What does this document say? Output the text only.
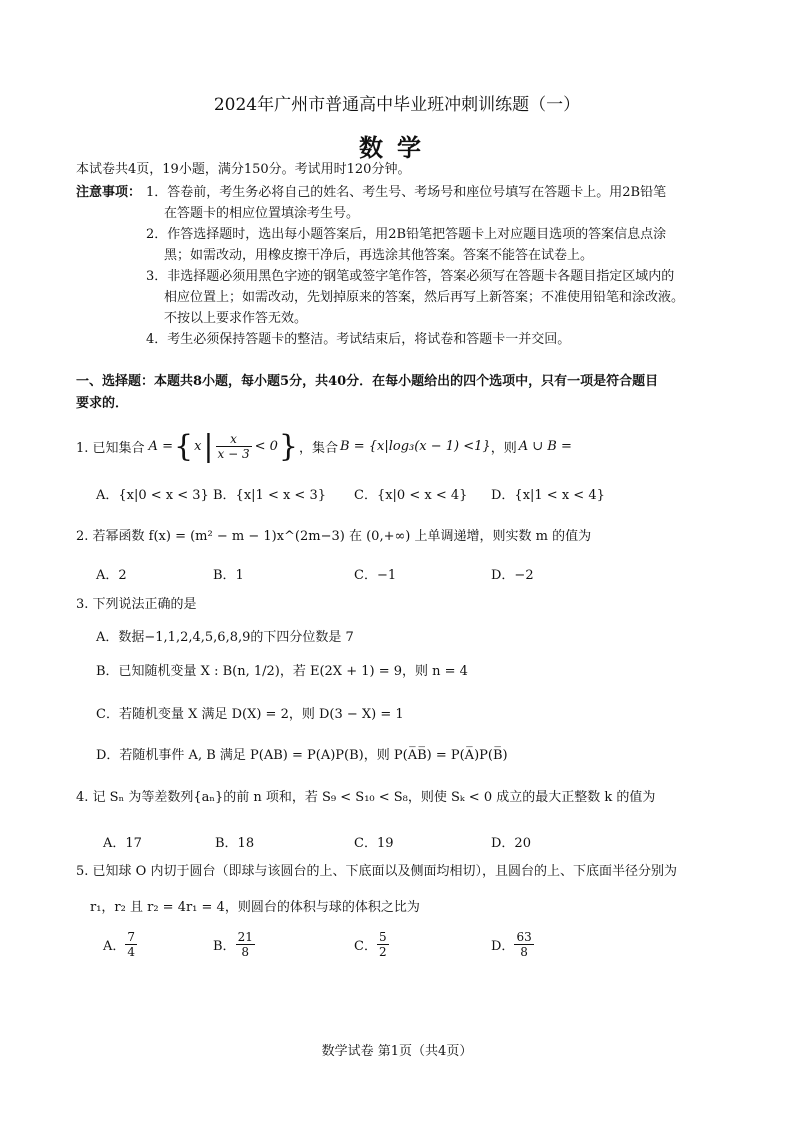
2024年广州市普通高中毕业班冲刺训练题（一）
数学
本试卷共4页，19小题，满分150分。考试用时120分钟。
注意事项： 1．答卷前，考生务必将自己的姓名、考生号、考场号和座位号填写在答题卡上。用2B铅笔
在答题卡的相应位置填涂考生号。
2．作答选择题时，选出每小题答案后，用2B铅笔把答题卡上对应题目选项的答案信息点涂
黑；如需改动，用橡皮擦干净后，再选涂其他答案。答案不能答在试卷上。
3．非选择题必须用黑色字迹的钢笔或签字笔作答，答案必须写在答题卡各题目指定区域内的
相应位置上；如需改动，先划掉原来的答案，然后再写上新答案；不准使用铅笔和涂改液。
不按以上要求作答无效。
4．考生必须保持答题卡的整洁。考试结束后，将试卷和答题卡一并交回。
一、选择题：本题共8小题，每小题5分，共40分．在每小题给出的四个选项中，只有一项是符合题目
要求的．
1. 已知集合 A = { x | $\frac{x}{x - 3} < 0$ } ，集合 B = {x|log₃(x − 1) <1} ，则 A ∪ B =
A．{x|0 < x < 3} B．{x|1 < x < 3} C．{x|0 < x < 4} D．{x|1 < x < 4}
2. 若幂函数 f(x) = (m² − m − 1)x^(2m−3) 在 (0,+∞) 上单调递增，则实数 m 的值为
A．2	B．1	C．−1	D．−2
3. 下列说法正确的是
A．数据−1,1,2,4,5,6,8,9的下四分位数是 7
B．已知随机变量 X : B(n, 1/2)，若 E(2X + 1) = 9，则 n = 4
C．若随机变量 X 满足 D(X) = 2，则 D(3 − X) = 1
D．若随机事件 A, B 满足 P(AB) = P(A)P(B)，则 P(A̅B̅) = P(A̅)P(B̅)
4. 记 Sₙ 为等差数列{aₙ}的前 n 项和，若 S₉ < S₁₀ < S₈，则使 Sₖ < 0 成立的最大正整数 k 的值为
A．17	B．18	C．19	D．20
5. 已知球 O 内切于圆台（即球与该圆台的上、下底面以及侧面均相切），且圆台的上、下底面半径分别为
r₁，r₂ 且 r₂ = 4r₁ = 4，则圆台的体积与球的体积之比为
A． $\frac{7}{4}$	B． $\frac{21}{8}$	C． $\frac{5}{2}$	D． $\frac{63}{8}$
数学试卷 第1页（共4页）
